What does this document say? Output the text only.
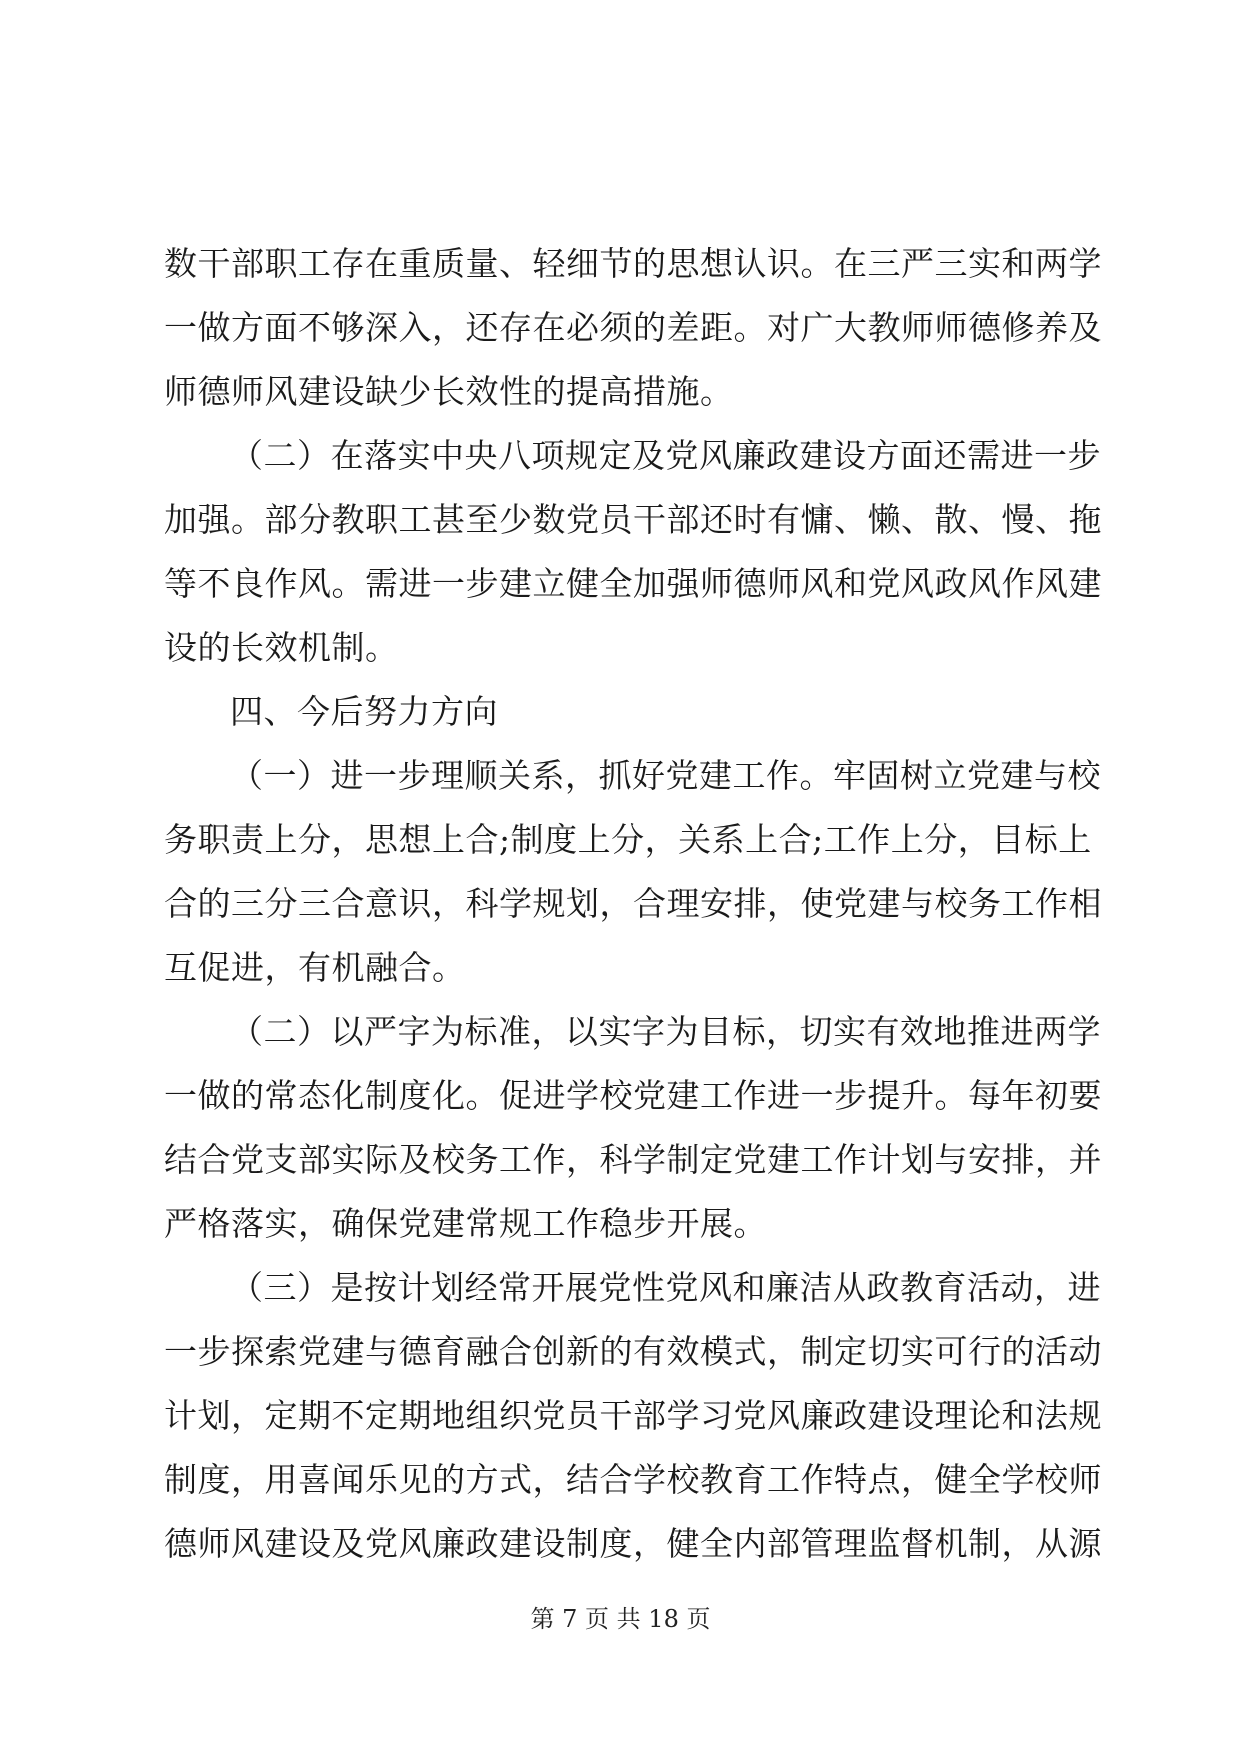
数干部职工存在重质量、轻细节的思想认识。在三严三实和两学
一做方面不够深入，还存在必须的差距。对广大教师师德修养及
师德师风建设缺少长效性的提高措施。
（二）在落实中央八项规定及党风廉政建设方面还需进一步
加强。部分教职工甚至少数党员干部还时有慵、懒、散、慢、拖
等不良作风。需进一步建立健全加强师德师风和党风政风作风建
设的长效机制。
四、今后努力方向
（一）进一步理顺关系，抓好党建工作。牢固树立党建与校
务职责上分，思想上合;制度上分，关系上合;工作上分，目标上
合的三分三合意识，科学规划，合理安排，使党建与校务工作相
互促进，有机融合。
（二）以严字为标准，以实字为目标，切实有效地推进两学
一做的常态化制度化。促进学校党建工作进一步提升。每年初要
结合党支部实际及校务工作，科学制定党建工作计划与安排，并
严格落实，确保党建常规工作稳步开展。
（三）是按计划经常开展党性党风和廉洁从政教育活动，进
一步探索党建与德育融合创新的有效模式，制定切实可行的活动
计划，定期不定期地组织党员干部学习党风廉政建设理论和法规
制度，用喜闻乐见的方式，结合学校教育工作特点，健全学校师
德师风建设及党风廉政建设制度，健全内部管理监督机制，从源
第 7 页 共 18 页
